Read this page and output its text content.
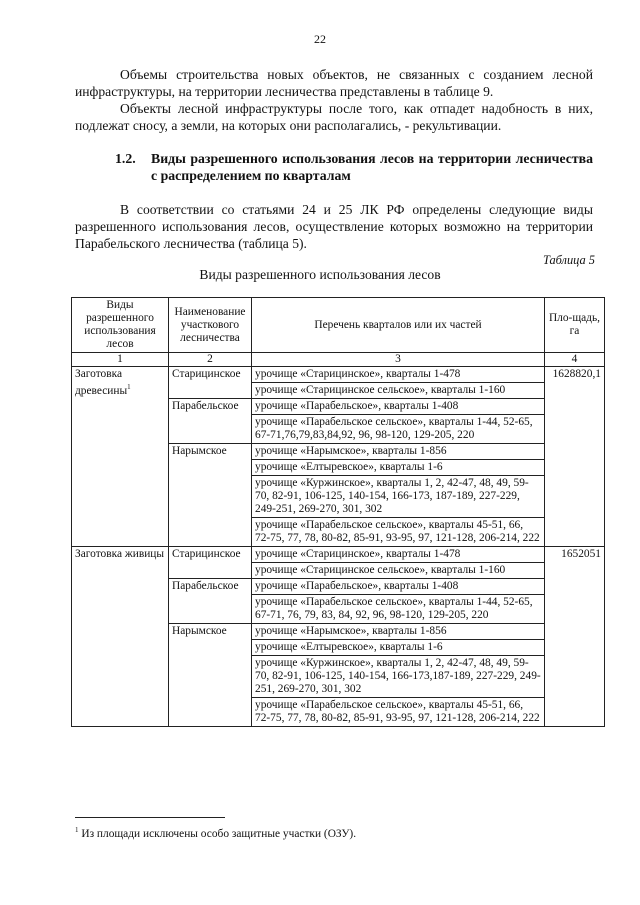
22

Объемы строительства новых объектов, не связанных с созданием лесной инфраструктуры, на территории лесничества представлены в таблице 9.

Объекты лесной инфраструктуры после того, как отпадет надобность в них, подлежат сносу, а земли, на которых они располагались, - рекультивации.

1.2.	Виды разрешенного использования лесов на территории лесничества с распределением по кварталам

В соответствии со статьями 24 и 25 ЛК РФ определены следующие виды разрешенного использования лесов, осуществление которых возможно на территории Парабельского лесничества (таблица 5).

Таблица 5
Виды разрешенного использования лесов
Виды разрешенного использования лесов	Наименование участкового лесничества	Перечень кварталов или их частей	Пло-щадь, га
1	2	3	4
Заготовка древесины$^1$	Старицинское	урочище «Старицинское», кварталы 1-478	1628820,1
		урочище «Старицинское сельское», кварталы 1-160	
	Парабельское	урочище «Парабельское», кварталы 1-408	
		урочище «Парабельское сельское», кварталы 1-44, 52-65, 67-71,76,79,83,84,92, 96, 98-120, 129-205, 220	
	Нарымское	урочище «Нарымское», кварталы 1-856	
		урочище «Елтыревское», кварталы 1-6	
		урочище «Куржинское», кварталы 1, 2, 42-47, 48, 49, 59-70, 82-91, 106-125, 140-154, 166-173, 187-189, 227-229, 249-251, 269-270, 301, 302	
		урочище «Парабельское сельское», кварталы 45-51, 66, 72-75, 77, 78, 80-82, 85-91, 93-95, 97, 121-128, 206-214, 222	
Заготовка живицы	Старицинское	урочище «Старицинское», кварталы 1-478	1652051
		урочище «Старицинское сельское», кварталы 1-160	
	Парабельское	урочище «Парабельское», кварталы 1-408	
		урочище «Парабельское сельское», кварталы 1-44, 52-65, 67-71, 76, 79, 83, 84, 92, 96, 98-120, 129-205, 220	
	Нарымское	урочище «Нарымское», кварталы 1-856	
		урочище «Елтыревское», кварталы 1-6	
		урочище «Куржинское», кварталы 1, 2, 42-47, 48, 49, 59-70, 82-91, 106-125, 140-154, 166-173,187-189, 227-229, 249-251, 269-270, 301, 302	
		урочище «Парабельское сельское», кварталы 45-51, 66, 72-75, 77, 78, 80-82, 85-91, 93-95, 97, 121-128, 206-214, 222	
$^1$ Из площади исключены особо защитные участки (ОЗУ).
